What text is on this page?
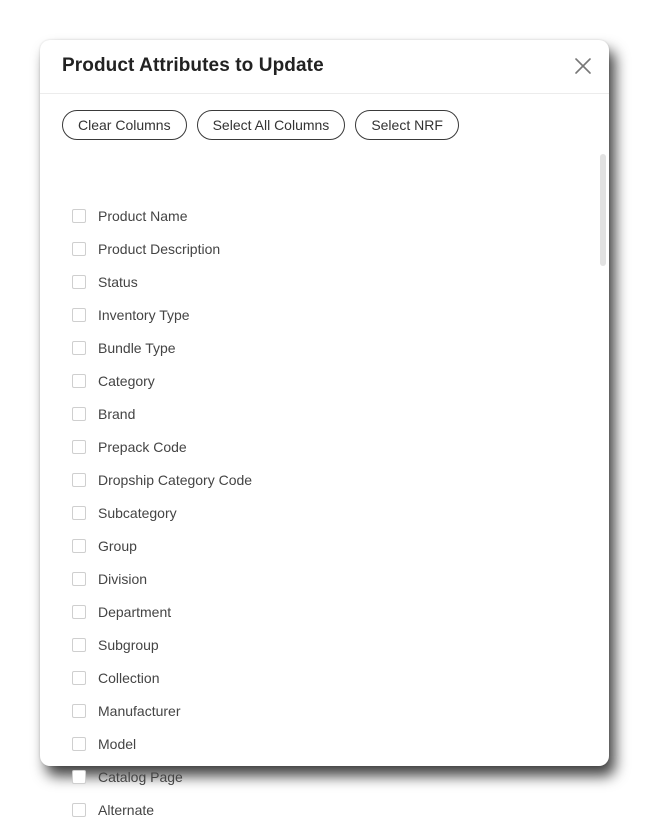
Product Attributes to Update
Clear Columns	Select All Columns	Select NRF
Product Name
Product Description
Status
Inventory Type
Bundle Type
Category
Brand
Prepack Code
Dropship Category Code
Subcategory
Group
Division
Department
Subgroup
Collection
Manufacturer
Model
Catalog Page
Alternate
